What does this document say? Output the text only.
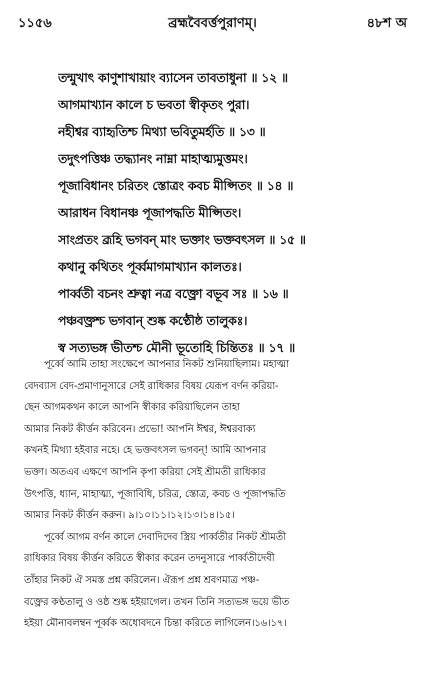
১১৫৬	ব্রহ্মবৈবর্ত্তপুরাণম্‌।	৪৮শ অ
তন্মুখাৎ কাণুশাখায়াং ব্যাসেন তাবতাধুনা ॥ ১২ ॥
আগমাখ্যান কালে চ ভবতা স্বীকৃতং পুরা।
নহীশ্বর ব্যাহৃতিশ্চ মিথ্যা ভবিতুমর্হতি ॥ ১৩ ॥
তদুৎপত্তিঞ্চ তদ্ধ্যানং নাম্না মাহাত্ম্যমুত্তমং।
পূজাবিধানং চরিতং স্তোত্রং কবচ মীপ্সিতং ॥ ১৪ ॥
আরাধন বিধানঞ্চ পূজাপদ্ধতি মীপ্সিতং।
সাংপ্রতং ব্রূহি ভগবন্‌ মাং ভক্তাং ভক্তবৎসল ॥ ১৫ ॥
কথানু কথিতং পূর্ব্বমাগমাখ্যান কালতঃ।
পার্ব্বতী বচনং শ্রুত্বা নত্র বক্ত্রো বভূব সঃ ॥ ১৬ ॥
পঞ্চবক্ত্রশ্চ ভগবান্‌ শুষ্ক কণ্ঠৌষ্ঠ তালুকঃ।
স্ব সত্যভঙ্গ ভীতশ্চ মৌনী ভূতোহি চিন্তিতঃ ॥ ১৭ ॥

পূর্ব্বে আমি তাহা সংক্ষেপে আপনার নিকট শুনিয়াছিলাম। মহাত্মা

বেদব্যাস বেদ-প্রমাণানুসারে সেই রাধিকার বিষয় যেরূপ বর্ণন করিয়া-

ছেন আগমকথন কালে আপনি স্বীকার করিয়াছিলেন তাহা

আমার নিকট কীর্ত্তন করিবেন। প্রভো! আপনি ঈশ্বর, ঈশ্বরবাক্য

কখনই মিথ্যা হইবার নহে। হে ভক্তবৎসল ভগবন্‌! আমি আপনার

ভক্তা। অতএব এক্ষণে আপনি কৃপা করিয়া সেই শ্রীমতী রাধিকার

উৎপত্তি, ধ্যান, মাহাত্ম্য, পূজাবিধি, চরিত্র, স্তোত্র, কবচ ও পূজাপদ্ধতি

আমার নিকট কীর্ত্তন করুন। ৯।১০।১১।১২।১৩।১৪।১৫।

পূর্ব্বে আগম বর্ণন কালে দেবাদিদেব স্ত্রিয় পার্ব্বতীর নিকট শ্রীমতী

রাধিকার বিষয় কীর্ত্তন করিতে স্বীকার করেন তদনুসারে পার্ব্বতীদেবী

তাঁহার নিকট ঐ সমস্ত প্রশ্ন করিলেন। ঐরূপ প্রশ্ন শ্রবণমাত্র পঞ্চ-

বক্ত্রের কণ্ঠতালু ও ওষ্ঠ শুষ্ক হইয়াগেল। তখন তিনি সত্যভঙ্গ ভয়ে ভীত

হইয়া মৌনাবলম্বন পূর্ব্বক অধোবদনে চিন্তা করিতে লাগিলেন।১৬।১৭।
